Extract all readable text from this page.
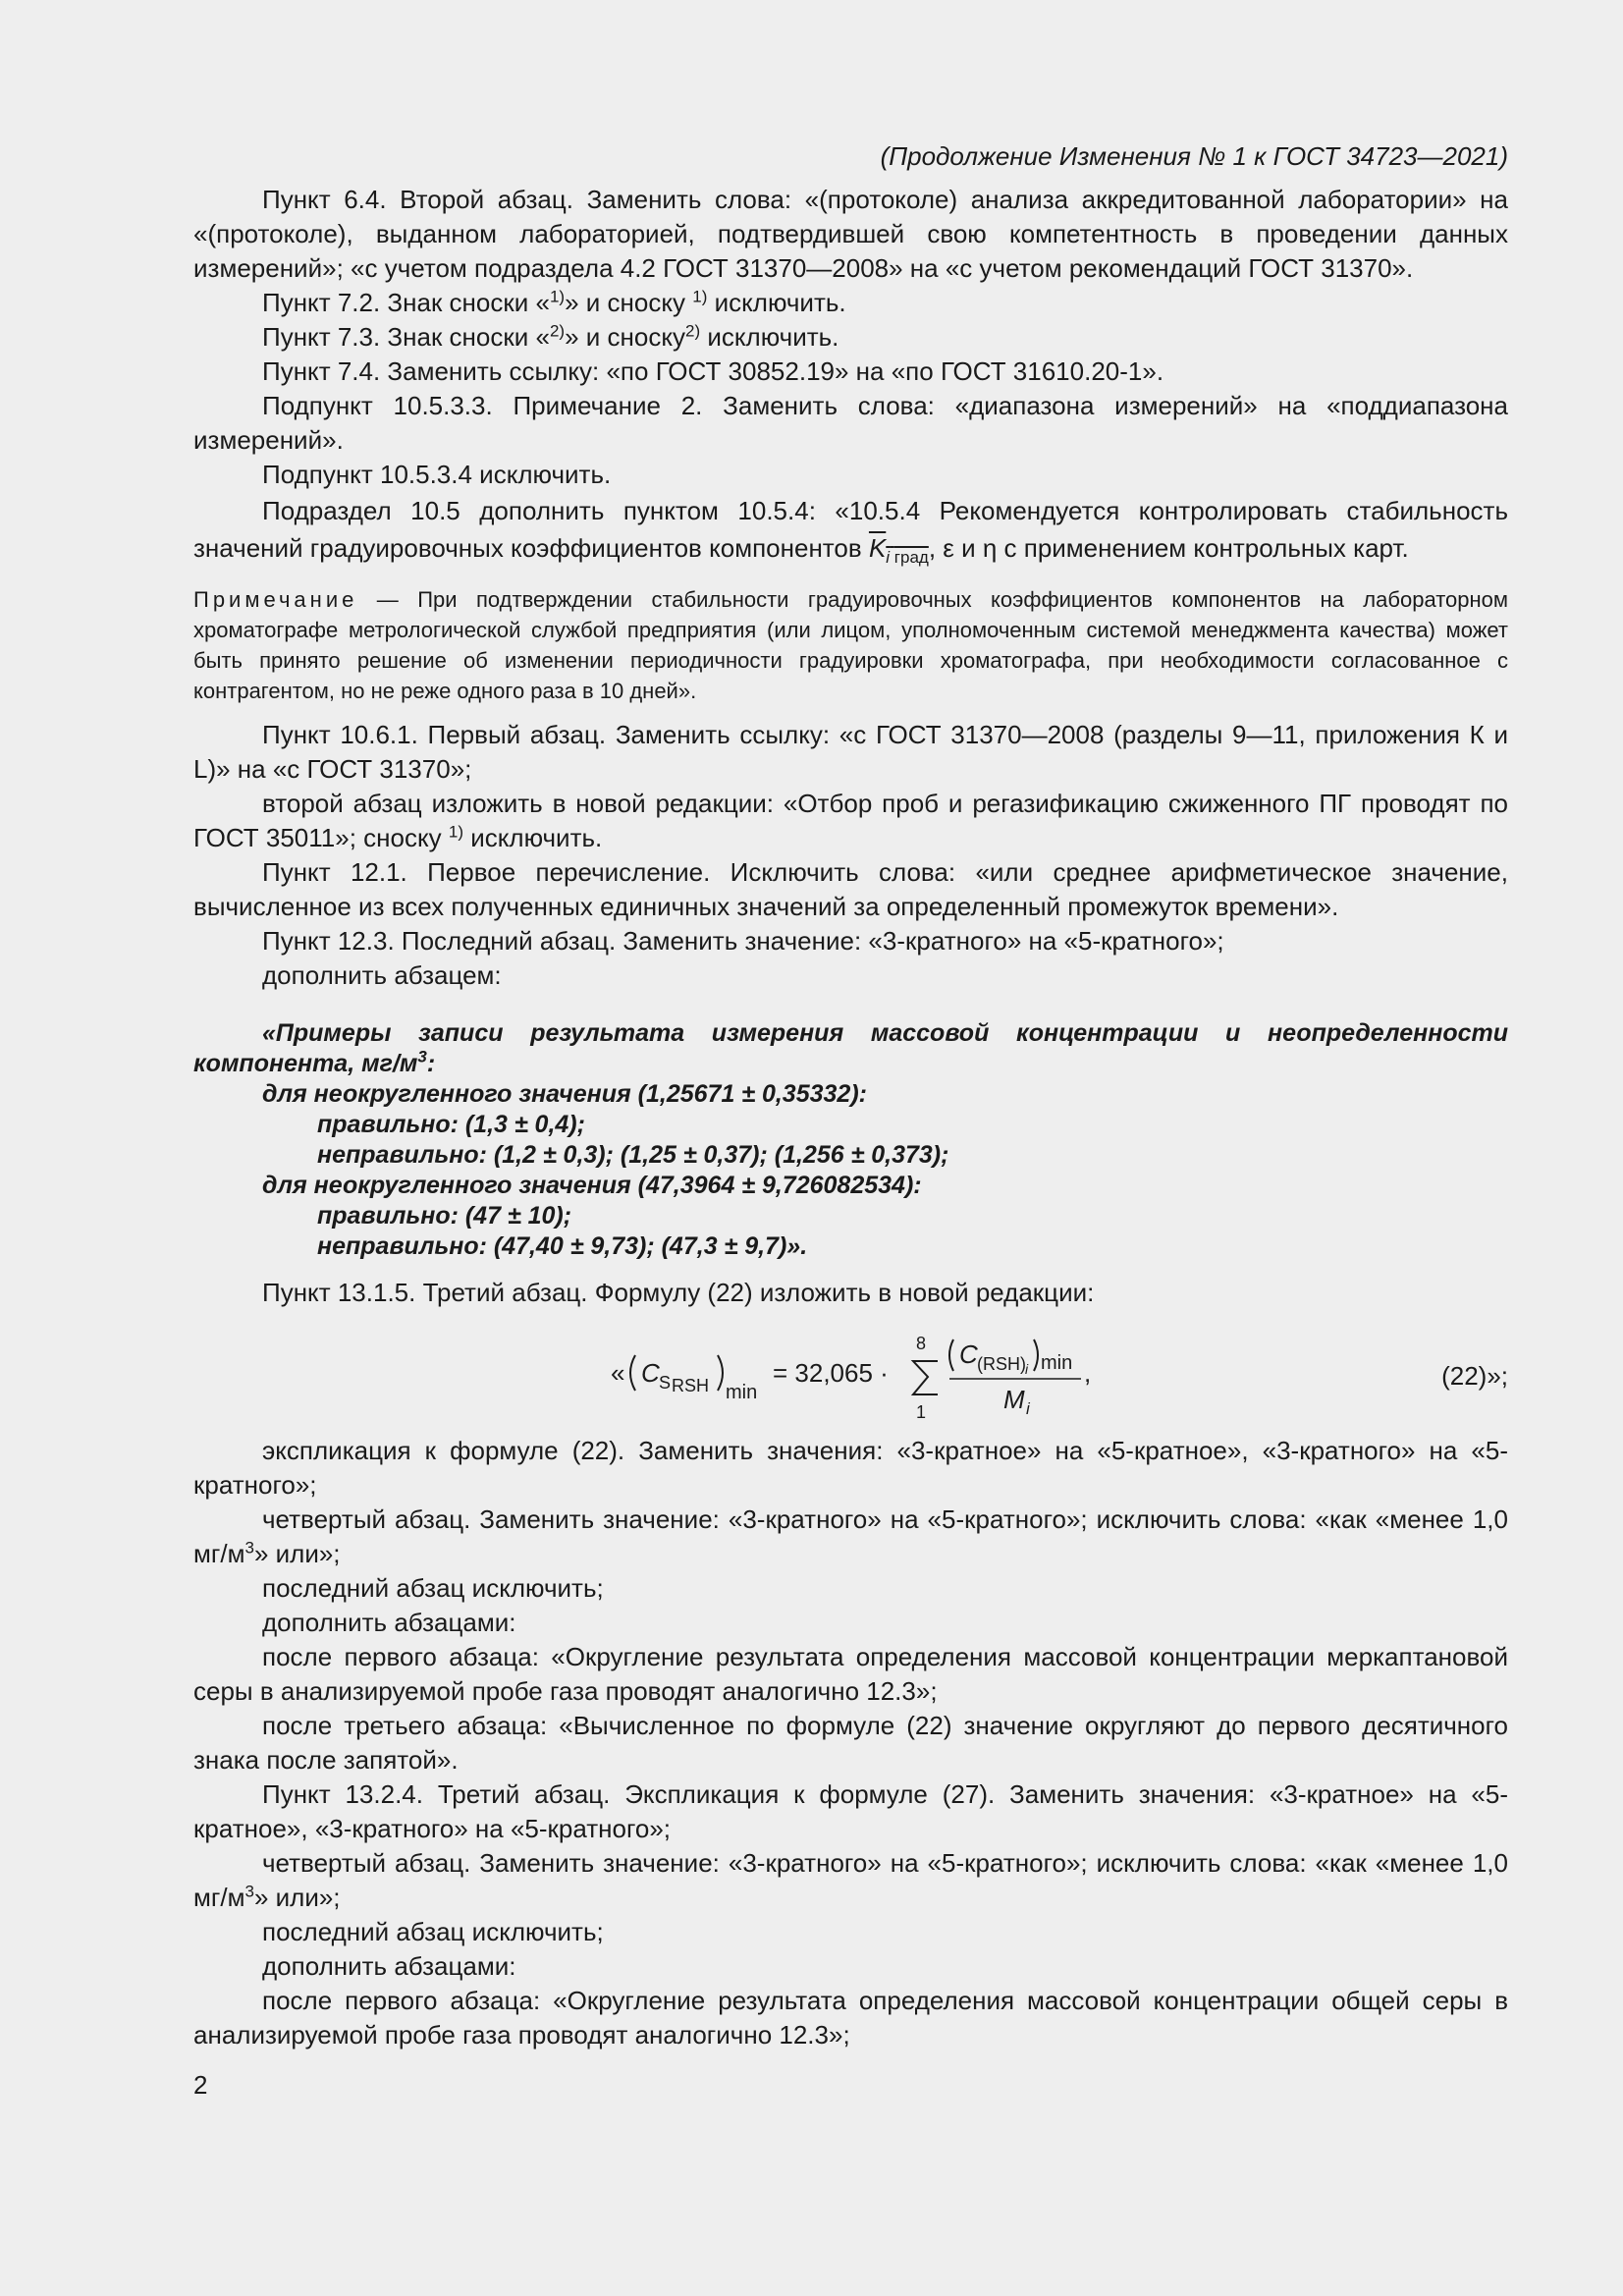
(Продолжение Изменения № 1 к ГОСТ 34723—2021)

Пункт 6.4. Второй абзац. Заменить слова: «(протоколе) анализа аккредитованной лаборатории» на «(протоколе), выданном лабораторией, подтвердившей свою компетентность в проведении данных измерений»; «с учетом подраздела 4.2 ГОСТ 31370—2008» на «с учетом рекомендаций ГОСТ 31370».

Пункт 7.2. Знак сноски «$^{1)}$» и сноску $^{1)}$ исключить.

Пункт 7.3. Знак сноски «$^{2)}$» и сноску$^{2)}$ исключить.

Пункт 7.4. Заменить ссылку: «по ГОСТ 30852.19» на «по ГОСТ 31610.20-1».

Подпункт 10.5.3.3. Примечание 2. Заменить слова: «диапазона измерений» на «поддиапазона измерений».

Подпункт 10.5.3.4 исключить.

Подраздел 10.5 дополнить пунктом 10.5.4: «10.5.4 Рекомендуется контролировать стабильность значений градуировочных коэффициентов компонентов $K_{i град}$, ε и η с применением контрольных карт.

Примечание — При подтверждении стабильности градуировочных коэффициентов компонентов на лабораторном хроматографе метрологической службой предприятия (или лицом, уполномоченным системой менеджмента качества) может быть принято решение об изменении периодичности градуировки хроматографа, при необходимости согласованное с контрагентом, но не реже одного раза в 10 дней».

Пункт 10.6.1. Первый абзац. Заменить ссылку: «с ГОСТ 31370—2008 (разделы 9—11, приложения К и L)» на «с ГОСТ 31370»;

второй абзац изложить в новой редакции: «Отбор проб и регазификацию сжиженного ПГ проводят по ГОСТ 35011»; сноску $^{1)}$ исключить.

Пункт 12.1. Первое перечисление. Исключить слова: «или среднее арифметическое значение, вычисленное из всех полученных единичных значений за определенный промежуток времени».

Пункт 12.3. Последний абзац. Заменить значение: «3-кратного» на «5-кратного»;

дополнить абзацем:

«Примеры записи результата измерения массовой концентрации и неопределенности компонента, $мг/м^3$:
для неокругленного значения (1,25671 ± 0,35332):
правильно: (1,3 ± 0,4);
неправильно: (1,2 ± 0,3); (1,25 ± 0,37); (1,256 ± 0,373);
для неокругленного значения (47,3964 ± 9,726082534):
правильно: (47 ± 10);
неправильно: (47,40 ± 9,73); (47,3 ± 9,7)».

Пункт 13.1.5. Третий абзац. Формулу (22) изложить в новой редакции:

« C S RSH min
= 32,065 ·
8
1
C (RSH) i min
M i
,	(22)»;

экспликация к формуле (22). Заменить значения: «3-кратное» на «5-кратное», «3-кратного» на «5-кратного»;

четвертый абзац. Заменить значение: «3-кратного» на «5-кратного»; исключить слова: «как «менее 1,0 $мг/м^3$» или»;

последний абзац исключить;

дополнить абзацами:

после первого абзаца: «Округление результата определения массовой концентрации меркаптановой серы в анализируемой пробе газа проводят аналогично 12.3»;

после третьего абзаца: «Вычисленное по формуле (22) значение округляют до первого десятичного знака после запятой».

Пункт 13.2.4. Третий абзац. Экспликация к формуле (27). Заменить значения: «3-кратное» на «5-кратное», «3-кратного» на «5-кратного»;

четвертый абзац. Заменить значение: «3-кратного» на «5-кратного»; исключить слова: «как «менее 1,0 $мг/м^3$» или»;

последний абзац исключить;

дополнить абзацами:

после первого абзаца: «Округление результата определения массовой концентрации общей серы в анализируемой пробе газа проводят аналогично 12.3»;

2
